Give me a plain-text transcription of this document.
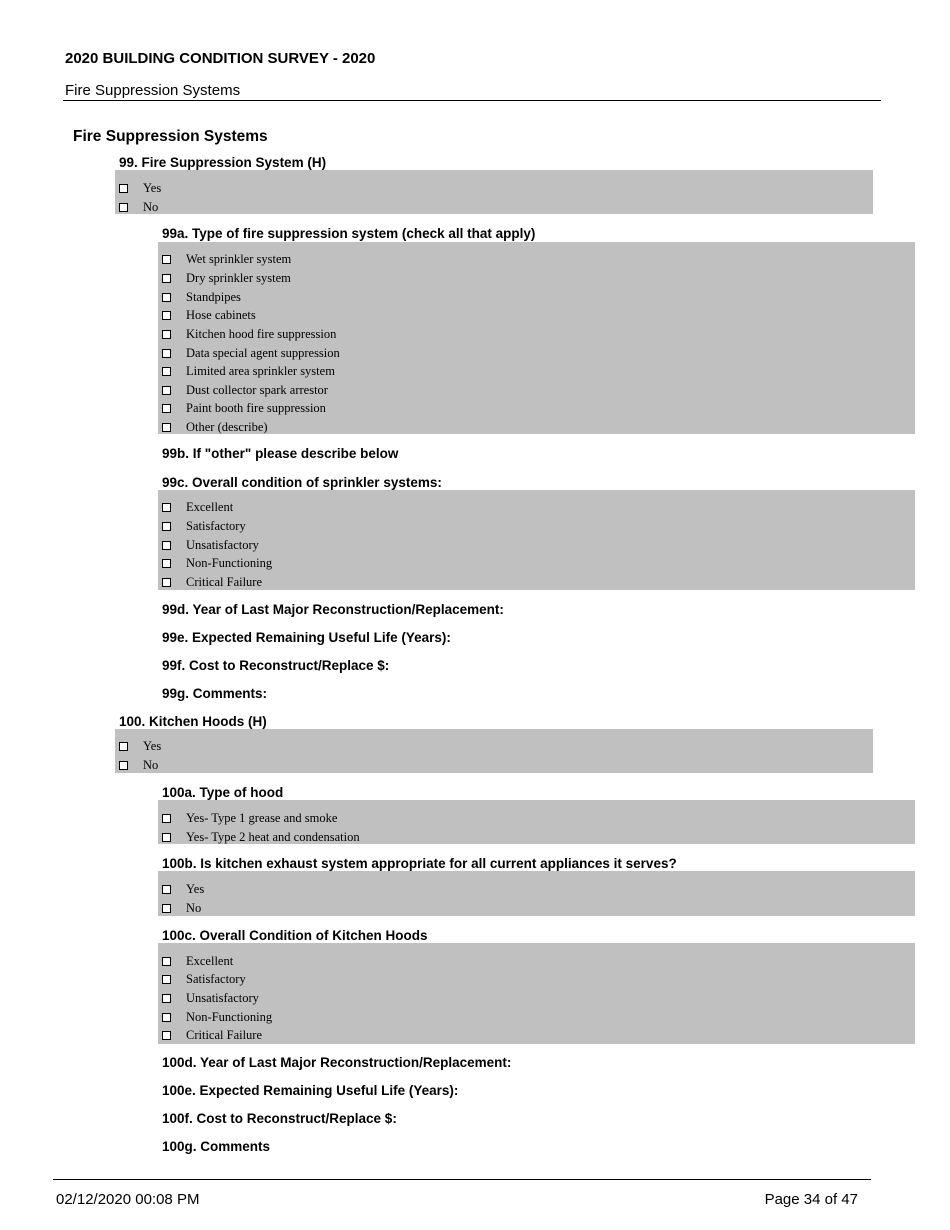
2020 BUILDING CONDITION SURVEY - 2020
Fire Suppression Systems
Fire Suppression Systems
99. Fire Suppression System (H)
Yes
No
99a. Type of fire suppression system (check all that apply)
Wet sprinkler system
Dry sprinkler system
Standpipes
Hose cabinets
Kitchen hood fire suppression
Data special agent suppression
Limited area sprinkler system
Dust collector spark arrestor
Paint booth fire suppression
Other (describe)
99b. If "other" please describe below
99c. Overall condition of sprinkler systems:
Excellent
Satisfactory
Unsatisfactory
Non-Functioning
Critical Failure
99d. Year of Last Major Reconstruction/Replacement:
99e. Expected Remaining Useful Life (Years):
99f. Cost to Reconstruct/Replace $:
99g. Comments:
100. Kitchen Hoods (H)
Yes
No
100a. Type of hood
Yes- Type 1 grease and smoke
Yes- Type 2 heat and condensation
100b. Is kitchen exhaust system appropriate for all current appliances it serves?
Yes
No
100c. Overall Condition of Kitchen Hoods
Excellent
Satisfactory
Unsatisfactory
Non-Functioning
Critical Failure
100d. Year of Last Major Reconstruction/Replacement:
100e. Expected Remaining Useful Life (Years):
100f. Cost to Reconstruct/Replace $:
100g. Comments
02/12/2020 00:08 PM	Page 34 of 47
